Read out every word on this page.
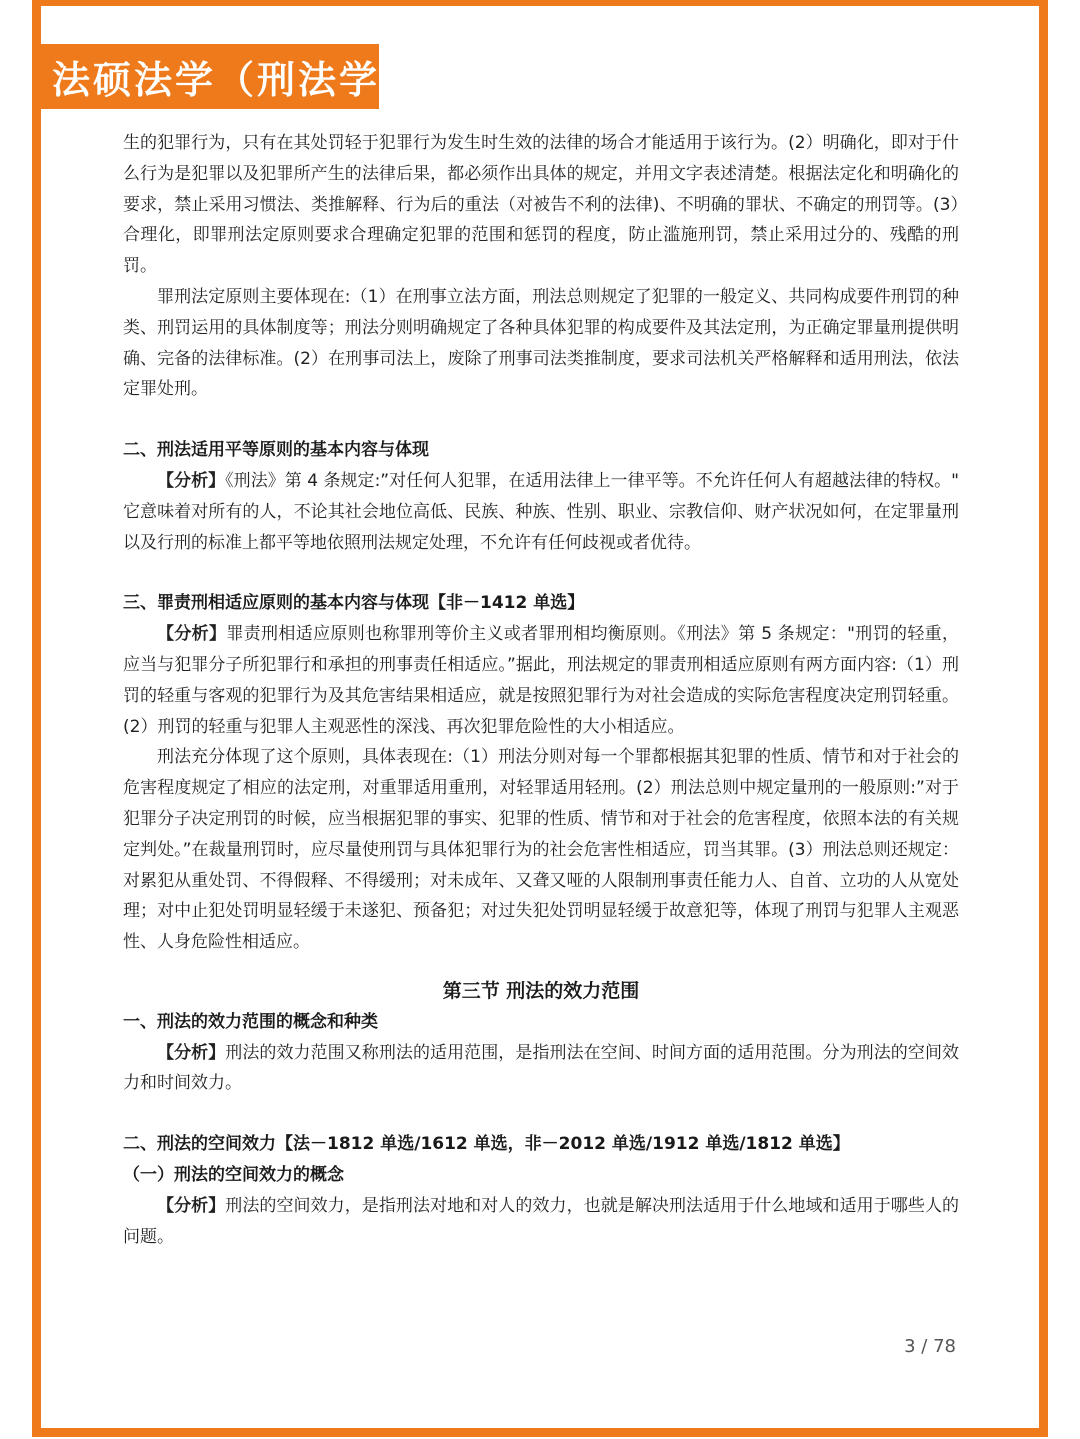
法硕法学（刑法学）

生的犯罪行为，只有在其处罚轻于犯罪行为发生时生效的法律的场合才能适用于该行为。(2）明确化，即对于什么行为是犯罪以及犯罪所产生的法律后果，都必须作出具体的规定，并用文字表述清楚。根据法定化和明确化的要求，禁止采用习惯法、类推解释、行为后的重法（对被告不利的法律)、不明确的罪状、不确定的刑罚等。(3）合理化，即罪刑法定原则要求合理确定犯罪的范围和惩罚的程度，防止滥施刑罚，禁止采用过分的、残酷的刑罚。

罪刑法定原则主要体现在:（1）在刑事立法方面，刑法总则规定了犯罪的一般定义、共同构成要件刑罚的种类、刑罚运用的具体制度等；刑法分则明确规定了各种具体犯罪的构成要件及其法定刑，为正确定罪量刑提供明确、完备的法律标准。(2）在刑事司法上，废除了刑事司法类推制度，要求司法机关严格解释和适用刑法，依法定罪处刑。

二、刑法适用平等原则的基本内容与体现

【分析】《刑法》第 4 条规定:”对任何人犯罪，在适用法律上一律平等。不允许任何人有超越法律的特权。" 它意味着对所有的人，不论其社会地位高低、民族、种族、性别、职业、宗教信仰、财产状况如何，在定罪量刑以及行刑的标准上都平等地依照刑法规定处理，不允许有任何歧视或者优待。

三、罪责刑相适应原则的基本内容与体现【非－1412 单选】

【分析】罪责刑相适应原则也称罪刑等价主义或者罪刑相均衡原则。《刑法》第 5 条规定："刑罚的轻重，应当与犯罪分子所犯罪行和承担的刑事责任相适应。”据此，刑法规定的罪责刑相适应原则有两方面内容:（1）刑罚的轻重与客观的犯罪行为及其危害结果相适应，就是按照犯罪行为对社会造成的实际危害程度决定刑罚轻重。(2）刑罚的轻重与犯罪人主观恶性的深浅、再次犯罪危险性的大小相适应。

刑法充分体现了这个原则，具体表现在:（1）刑法分则对每一个罪都根据其犯罪的性质、情节和对于社会的危害程度规定了相应的法定刑，对重罪适用重刑，对轻罪适用轻刑。(2）刑法总则中规定量刑的一般原则:”对于犯罪分子决定刑罚的时候，应当根据犯罪的事实、犯罪的性质、情节和对于社会的危害程度，依照本法的有关规定判处。”在裁量刑罚时，应尽量使刑罚与具体犯罪行为的社会危害性相适应，罚当其罪。(3）刑法总则还规定：对累犯从重处罚、不得假释、不得缓刑；对未成年、又聋又哑的人限制刑事责任能力人、自首、立功的人从宽处理；对中止犯处罚明显轻缓于未遂犯、预备犯；对过失犯处罚明显轻缓于故意犯等，体现了刑罚与犯罪人主观恶性、人身危险性相适应。

第三节 刑法的效力范围

一、刑法的效力范围的概念和种类

【分析】刑法的效力范围又称刑法的适用范围，是指刑法在空间、时间方面的适用范围。分为刑法的空间效力和时间效力。

二、刑法的空间效力【法－1812 单选/1612 单选，非－2012 单选/1912 单选/1812 单选】

（一）刑法的空间效力的概念

【分析】刑法的空间效力，是指刑法对地和对人的效力，也就是解决刑法适用于什么地域和适用于哪些人的问题。

3 / 78
